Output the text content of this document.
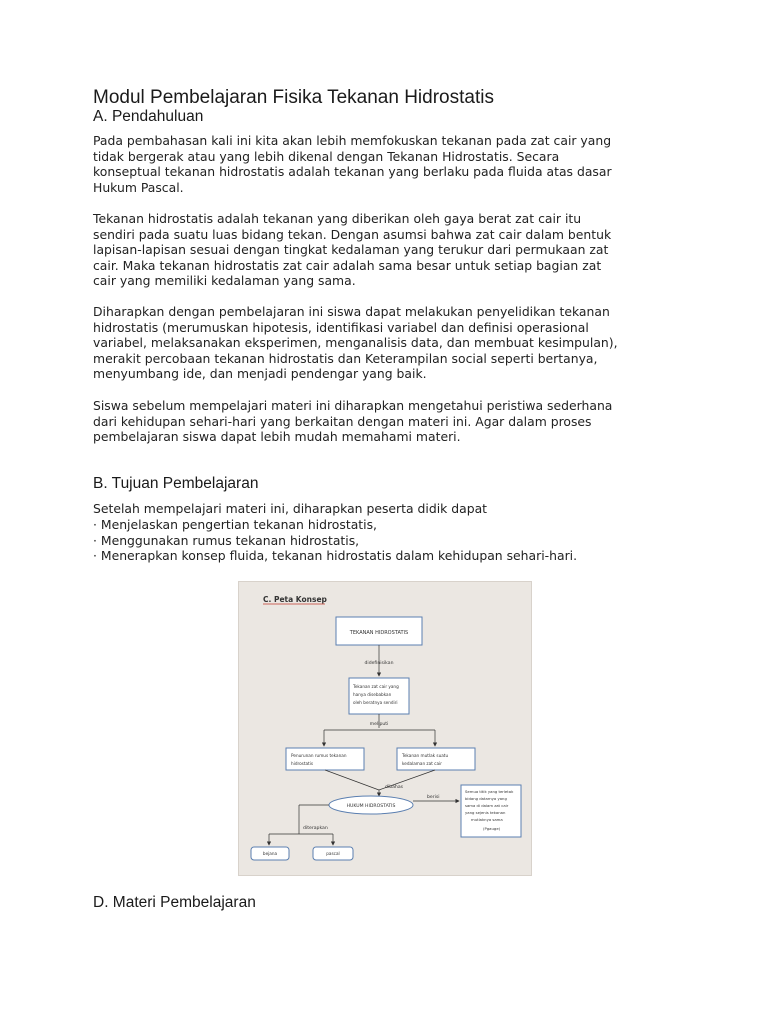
Modul Pembelajaran Fisika Tekanan Hidrostatis
A. Pendahuluan

Pada pembahasan kali ini kita akan lebih memfokuskan tekanan pada zat cair yang
tidak bergerak atau yang lebih dikenal dengan Tekanan Hidrostatis. Secara
konseptual tekanan hidrostatis adalah tekanan yang berlaku pada fluida atas dasar
Hukum Pascal.

Tekanan hidrostatis adalah tekanan yang diberikan oleh gaya berat zat cair itu
sendiri pada suatu luas bidang tekan. Dengan asumsi bahwa zat cair dalam bentuk
lapisan-lapisan sesuai dengan tingkat kedalaman yang terukur dari permukaan zat
cair. Maka tekanan hidrostatis zat cair adalah sama besar untuk setiap bagian zat
cair yang memiliki kedalaman yang sama.

Diharapkan dengan pembelajaran ini siswa dapat melakukan penyelidikan tekanan
hidrostatis (merumuskan hipotesis, identifikasi variabel dan definisi operasional
variabel, melaksanakan eksperimen, menganalisis data, dan membuat kesimpulan),
merakit percobaan tekanan hidrostatis dan Keterampilan social seperti bertanya,
menyumbang ide, dan menjadi pendengar yang baik.

Siswa sebelum mempelajari materi ini diharapkan mengetahui peristiwa sederhana
dari kehidupan sehari-hari yang berkaitan dengan materi ini. Agar dalam proses
pembelajaran siswa dapat lebih mudah memahami materi.

B. Tujuan Pembelajaran

Setelah mempelajari materi ini, diharapkan peserta didik dapat

· Menjelaskan pengertian tekanan hidrostatis,
· Menggunakan rumus tekanan hidrostatis,
· Menerapkan konsep fluida, tekanan hidrostatis dalam kehidupan sehari-hari.
C. Peta Konsep
TEKANAN HIDROSTATIS
didefinisikan
Tekanan zat cair yang
hanya disebabkan
oleh beratnya sendiri
meliputi
Penurunan rumus tekanan
hidrostatis
Tekanan mutlak suatu
kedalaman zat cair
dibahas
HUKUM HIDROSTATIS
berisi
Semua titik yang terletak
bidang datarnya yang
sama di dalam zat cair
yang sejenis tekanan
mutlaknya sama
(Pgauge)
diterapkan
bejana	pascal
D. Materi Pembelajaran
